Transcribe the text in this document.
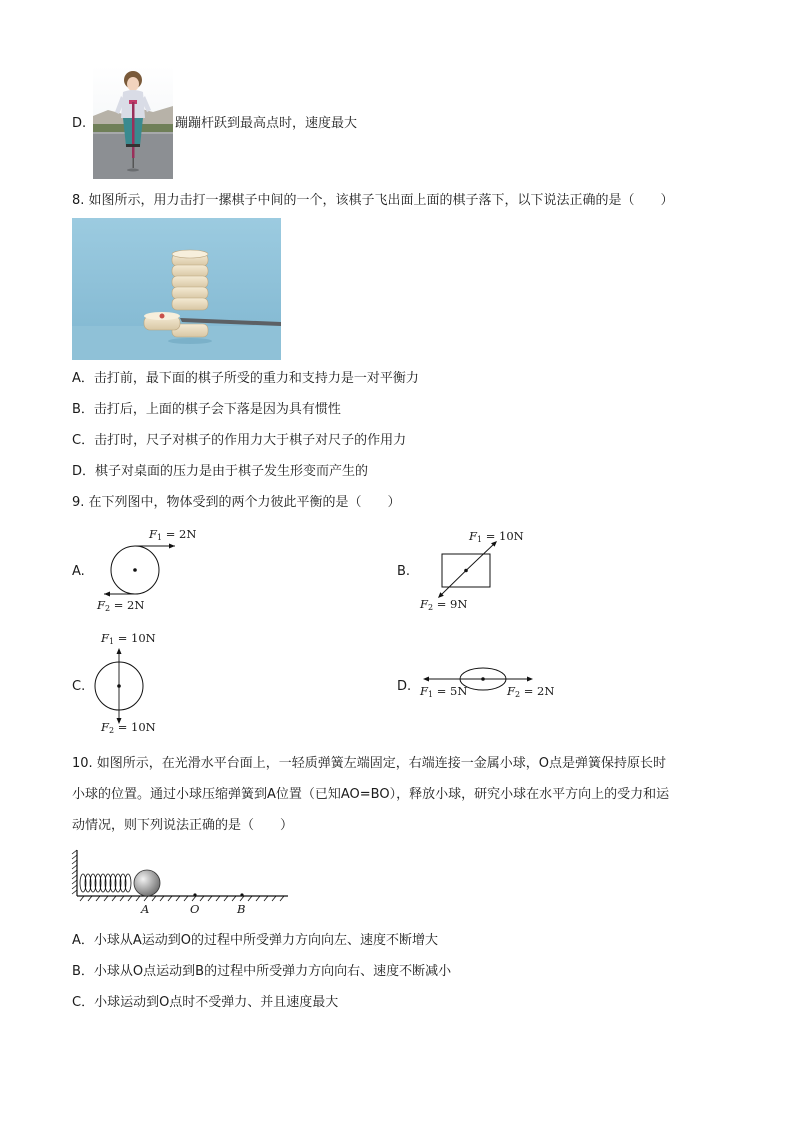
D.	蹦蹦杆跃到最高点时，速度最大
8. 如图所示，用力击打一摞棋子中间的一个，该棋子飞出面上面的棋子落下，以下说法正确的是（　　）
A．击打前，最下面的棋子所受的重力和支持力是一对平衡力
B．击打后，上面的棋子会下落是因为具有惯性
C．击打时，尺子对棋子的作用力大于棋子对尺子的作用力
D．棋子对桌面的压力是由于棋子发生形变而产生的
9. 在下列图中，物体受到的两个力彼此平衡的是（　　）
A.
$F_1 = 2N$
$F_2 = 2N$
B.
$F_1 = 10N$
$F_2 = 9N$
C.
$F_1 = 10N$
$F_2 = 10N$
D. $F_1 = 5N$	$F_2 = 2N$
10. 如图所示，在光滑水平台面上，一轻质弹簧左端固定，右端连接一金属小球，O点是弹簧保持原长时
小球的位置。通过小球压缩弹簧到A位置（已知AO=BO），释放小球，研究小球在水平方向上的受力和运
动情况，则下列说法正确的是（　　）
A	O	B
A．小球从A运动到O的过程中所受弹力方向向左、速度不断增大
B．小球从O点运动到B的过程中所受弹力方向向右、速度不断减小
C．小球运动到O点时不受弹力、并且速度最大
